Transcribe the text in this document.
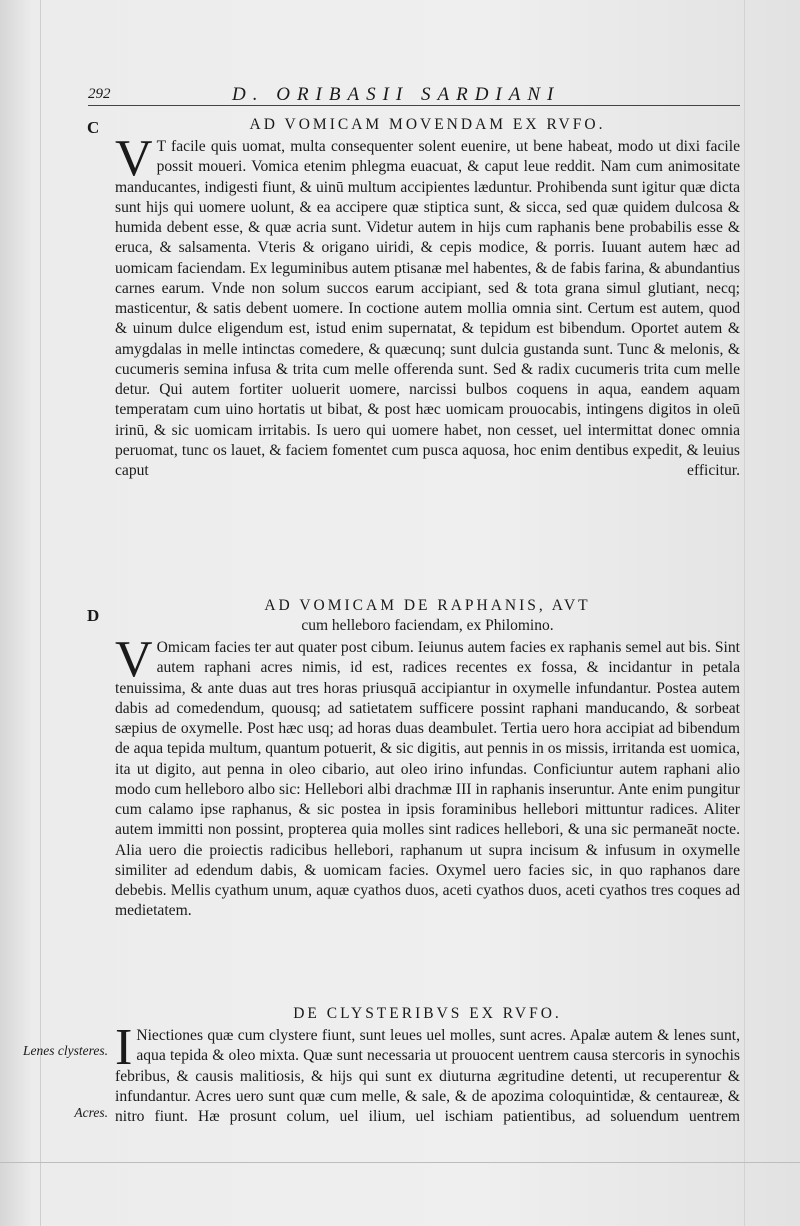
292	D. ORIBASII SARDIANI
C
D
Lenes clysteres.
Acres.
AD VOMICAM MOVENDAM EX RVFO.

V T facile quis uomat, multa consequenter solent euenire, ut bene habeat, modo ut dixi facile possit moueri. Vomica etenim phlegma euacuat, & caput leue reddit. Nam cum animositate manducantes, indigesti fiunt, & uinū multum accipientes læduntur. Prohibenda sunt igitur quæ dicta sunt hijs qui uomere uolunt, & ea accipere quæ stiptica sunt, & sicca, sed quæ quidem dulcosa & humida debent esse, & quæ acria sunt. Videtur autem in hijs cum raphanis bene probabilis esse & eruca, & salsamenta. Vteris & origano uiridi, & cepis modice, & porris. Iuuant autem hæc ad uomicam faciendam. Ex leguminibus autem ptisanæ mel habentes, & de fabis farina, & abundantius carnes earum. Vnde non solum succos earum accipiant, sed & tota grana simul glutiant, necq; masticentur, & satis debent uomere. In coctione autem mollia omnia sint. Certum est autem, quod & uinum dulce eligendum est, istud enim supernatat, & tepidum est bibendum. Oportet autem & amygdalas in melle intinctas comedere, & quæcunq; sunt dulcia gustanda sunt. Tunc & melonis, & cucumeris semina infusa & trita cum melle offerenda sunt. Sed & radix cucumeris trita cum melle detur. Qui autem fortiter uoluerit uomere, narcissi bulbos coquens in aqua, eandem aquam temperatam cum uino hortatis ut bibat, & post hæc uomicam prouocabis, intingens digitos in oleū irinū, & sic uomicam irritabis. Is uero qui uomere habet, non cesset, uel intermittat donec omnia peruomat, tunc os lauet, & faciem fomentet cum pusca aquosa, hoc enim dentibus expedit, & leuius caput efficitur.

AD VOMICAM DE RAPHANIS, AVT
cum helleboro faciendam, ex Philomino.

V Omicam facies ter aut quater post cibum. Ieiunus autem facies ex raphanis semel aut bis. Sint autem raphani acres nimis, id est, radices recentes ex fossa, & incidantur in petala tenuissima, & ante duas aut tres horas priusquā accipiantur in oxymelle infundantur. Postea autem dabis ad comedendum, quousq; ad satietatem sufficere possint raphani manducando, & sorbeat sæpius de oxymelle. Post hæc usq; ad horas duas deambulet. Tertia uero hora accipiat ad bibendum de aqua tepida multum, quantum potuerit, & sic digitis, aut pennis in os missis, irritanda est uomica, ita ut digito, aut penna in oleo cibario, aut oleo irino infundas. Conficiuntur autem raphani alio modo cum helleboro albo sic: Hellebori albi drachmæ III in raphanis inseruntur. Ante enim pungitur cum calamo ipse raphanus, & sic postea in ipsis foraminibus hellebori mittuntur radices. Aliter autem immitti non possint, propterea quia molles sint radices hellebori, & una sic permaneāt nocte. Alia uero die proiectis radicibus hellebori, raphanum ut supra incisum & infusum in oxymelle similiter ad edendum dabis, & uomicam facies. Oxymel uero facies sic, in quo raphanos dare debebis. Mellis cyathum unum, aquæ cyathos duos, aceti cyathos duos, aceti cyathos tres coques ad medietatem.

DE CLYSTERIBVS EX RVFO.

I Niectiones quæ cum clystere fiunt, sunt leues uel molles, sunt acres. Apalæ autem & lenes sunt, aqua tepida & oleo mixta. Quæ sunt necessaria ut prouocent uentrem causa stercoris in synochis febribus, & causis malitiosis, & hijs qui sunt ex diuturna ægritudine detenti, ut recuperentur & infundantur. Acres uero sunt quæ cum melle, & sale, & de apozima coloquintidæ, & centaureæ, & nitro fiunt. Hæ prosunt colum, uel ilium, uel ischiam patientibus, ad soluendum uentrem
